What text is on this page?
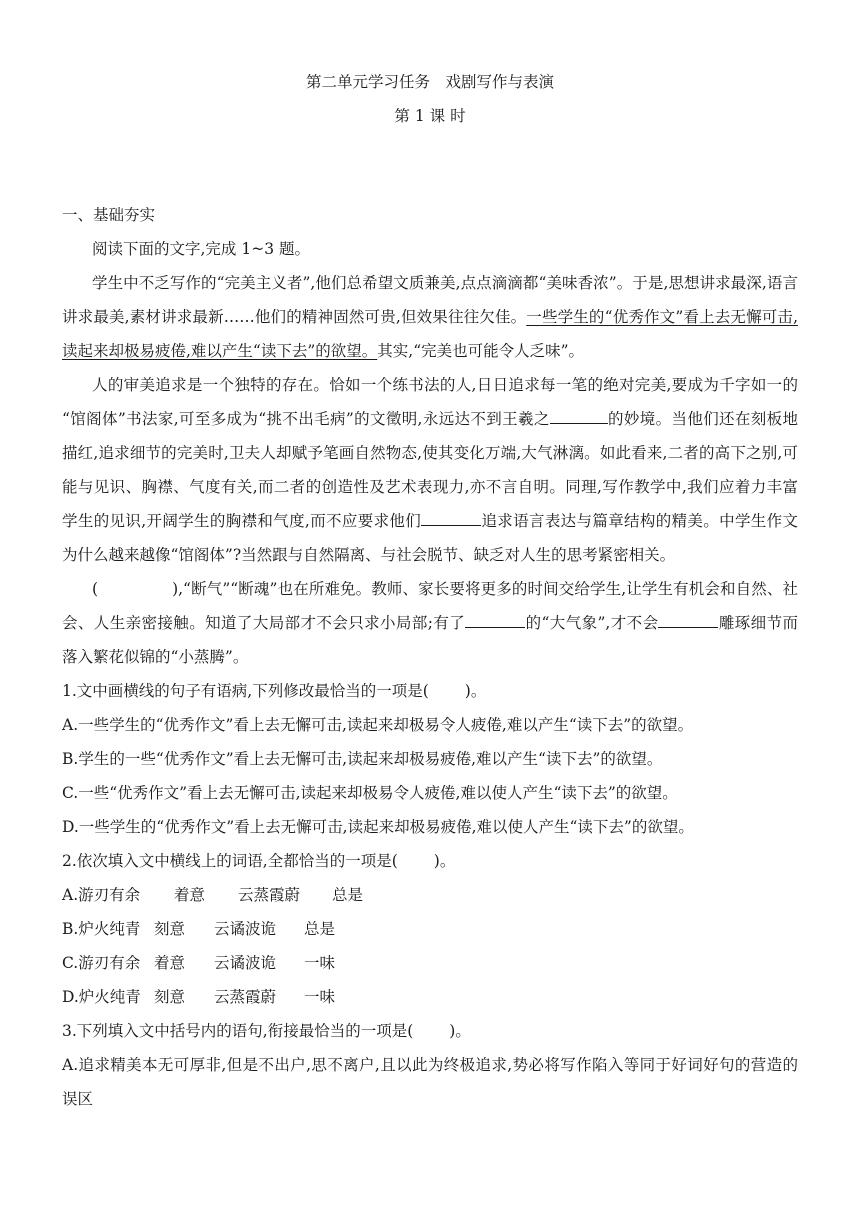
第二单元学习任务　戏剧写作与表演
第 1 课 时
一、基础夯实
阅读下面的文字,完成 1~3 题。
学生中不乏写作的“完美主义者”,他们总希望文质兼美,点点滴滴都“美味香浓”。于是,思想讲求最深,语言
讲求最美,素材讲求最新……他们的精神固然可贵,但效果往往欠佳。一些学生的“优秀作文”看上去无懈可击,
读起来却极易疲倦,难以产生“读下去”的欲望。其实,“完美也可能令人乏味”。
人的审美追求是一个独特的存在。恰如一个练书法的人,日日追求每一笔的绝对完美,要成为千字如一的
“馆阁体”书法家,可至多成为“挑不出毛病”的文徵明,永远达不到王羲之	的妙境。当他们还在刻板地
描红,追求细节的完美时,卫夫人却赋予笔画自然物态,使其变化万端,大气淋漓。如此看来,二者的高下之别,可
能与见识、胸襟、气度有关,而二者的创造性及艺术表现力,亦不言自明。同理,写作教学中,我们应着力丰富
学生的见识,开阔学生的胸襟和气度,而不应要求他们	追求语言表达与篇章结构的精美。中学生作文
为什么越来越像“馆阁体”?当然跟与自然隔离、与社会脱节、缺乏对人生的思考紧密相关。
(	),“断气”“断魂”也在所难免。教师、家长要将更多的时间交给学生,让学生有机会和自然、社
会、人生亲密接触。知道了大局部才不会只求小局部;有了	的“大气象”,才不会	雕琢细节而
落入繁花似锦的“小蒸腾”。
1.文中画横线的句子有语病,下列修改最恰当的一项是( )。
A.一些学生的“优秀作文”看上去无懈可击,读起来却极易令人疲倦,难以产生“读下去”的欲望。
B.学生的一些“优秀作文”看上去无懈可击,读起来却极易疲倦,难以产生“读下去”的欲望。
C.一些“优秀作文”看上去无懈可击,读起来却极易令人疲倦,难以使人产生“读下去”的欲望。
D.一些学生的“优秀作文”看上去无懈可击,读起来却极易疲倦,难以使人产生“读下去”的欲望。
2.依次填入文中横线上的词语,全都恰当的一项是( )。
A.游刃有余 着意 云蒸霞蔚 总是
B.炉火纯青 刻意 云谲波诡 总是
C.游刃有余 着意 云谲波诡 一味
D.炉火纯青 刻意 云蒸霞蔚 一味
3.下列填入文中括号内的语句,衔接最恰当的一项是( )。
A.追求精美本无可厚非,但是不出户,思不离户,且以此为终极追求,势必将写作陷入等同于好词好句的营造的
误区
